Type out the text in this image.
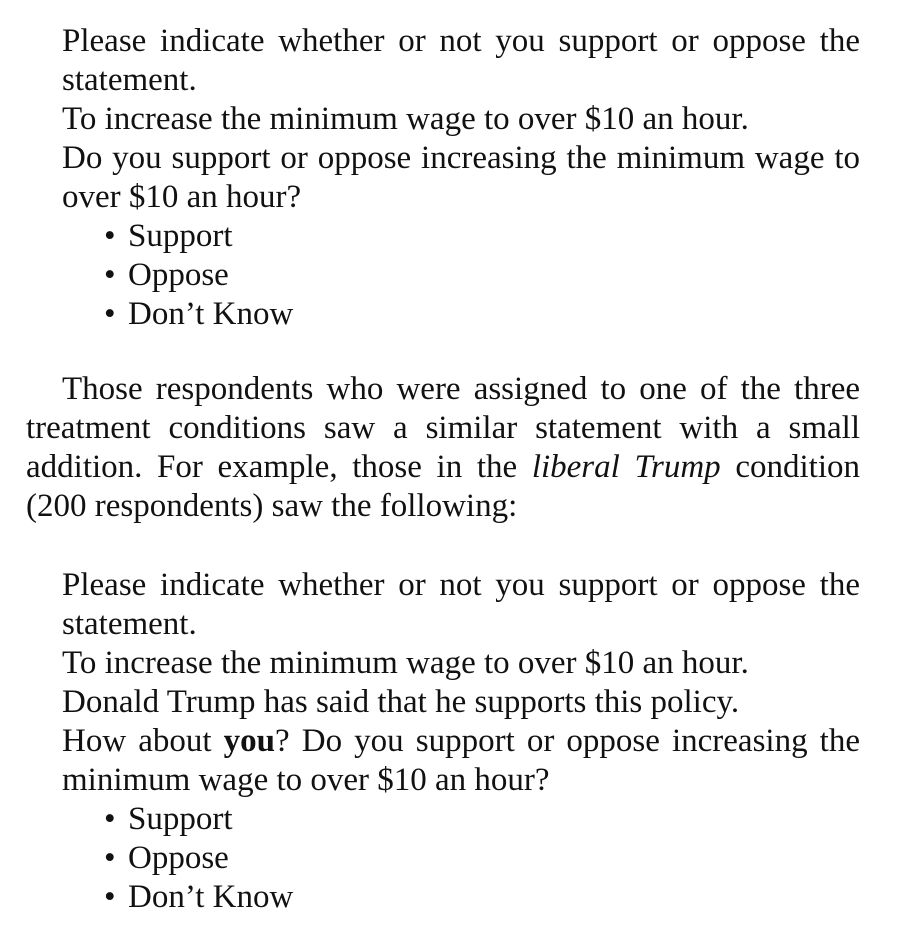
Please indicate whether or not you support or oppose the statement.

To increase the minimum wage to over $10 an hour.

Do you support or oppose increasing the minimum wage to over $10 an hour?

• Support
• Oppose
• Don’t Know

Those respondents who were assigned to one of the three treatment conditions saw a similar statement with a small addition. For example, those in the liberal Trump condition (200 respondents) saw the following:

Please indicate whether or not you support or oppose the statement.

To increase the minimum wage to over $10 an hour.

Donald Trump has said that he supports this policy.

How about you? Do you support or oppose increasing the minimum wage to over $10 an hour?

• Support
• Oppose
• Don’t Know
